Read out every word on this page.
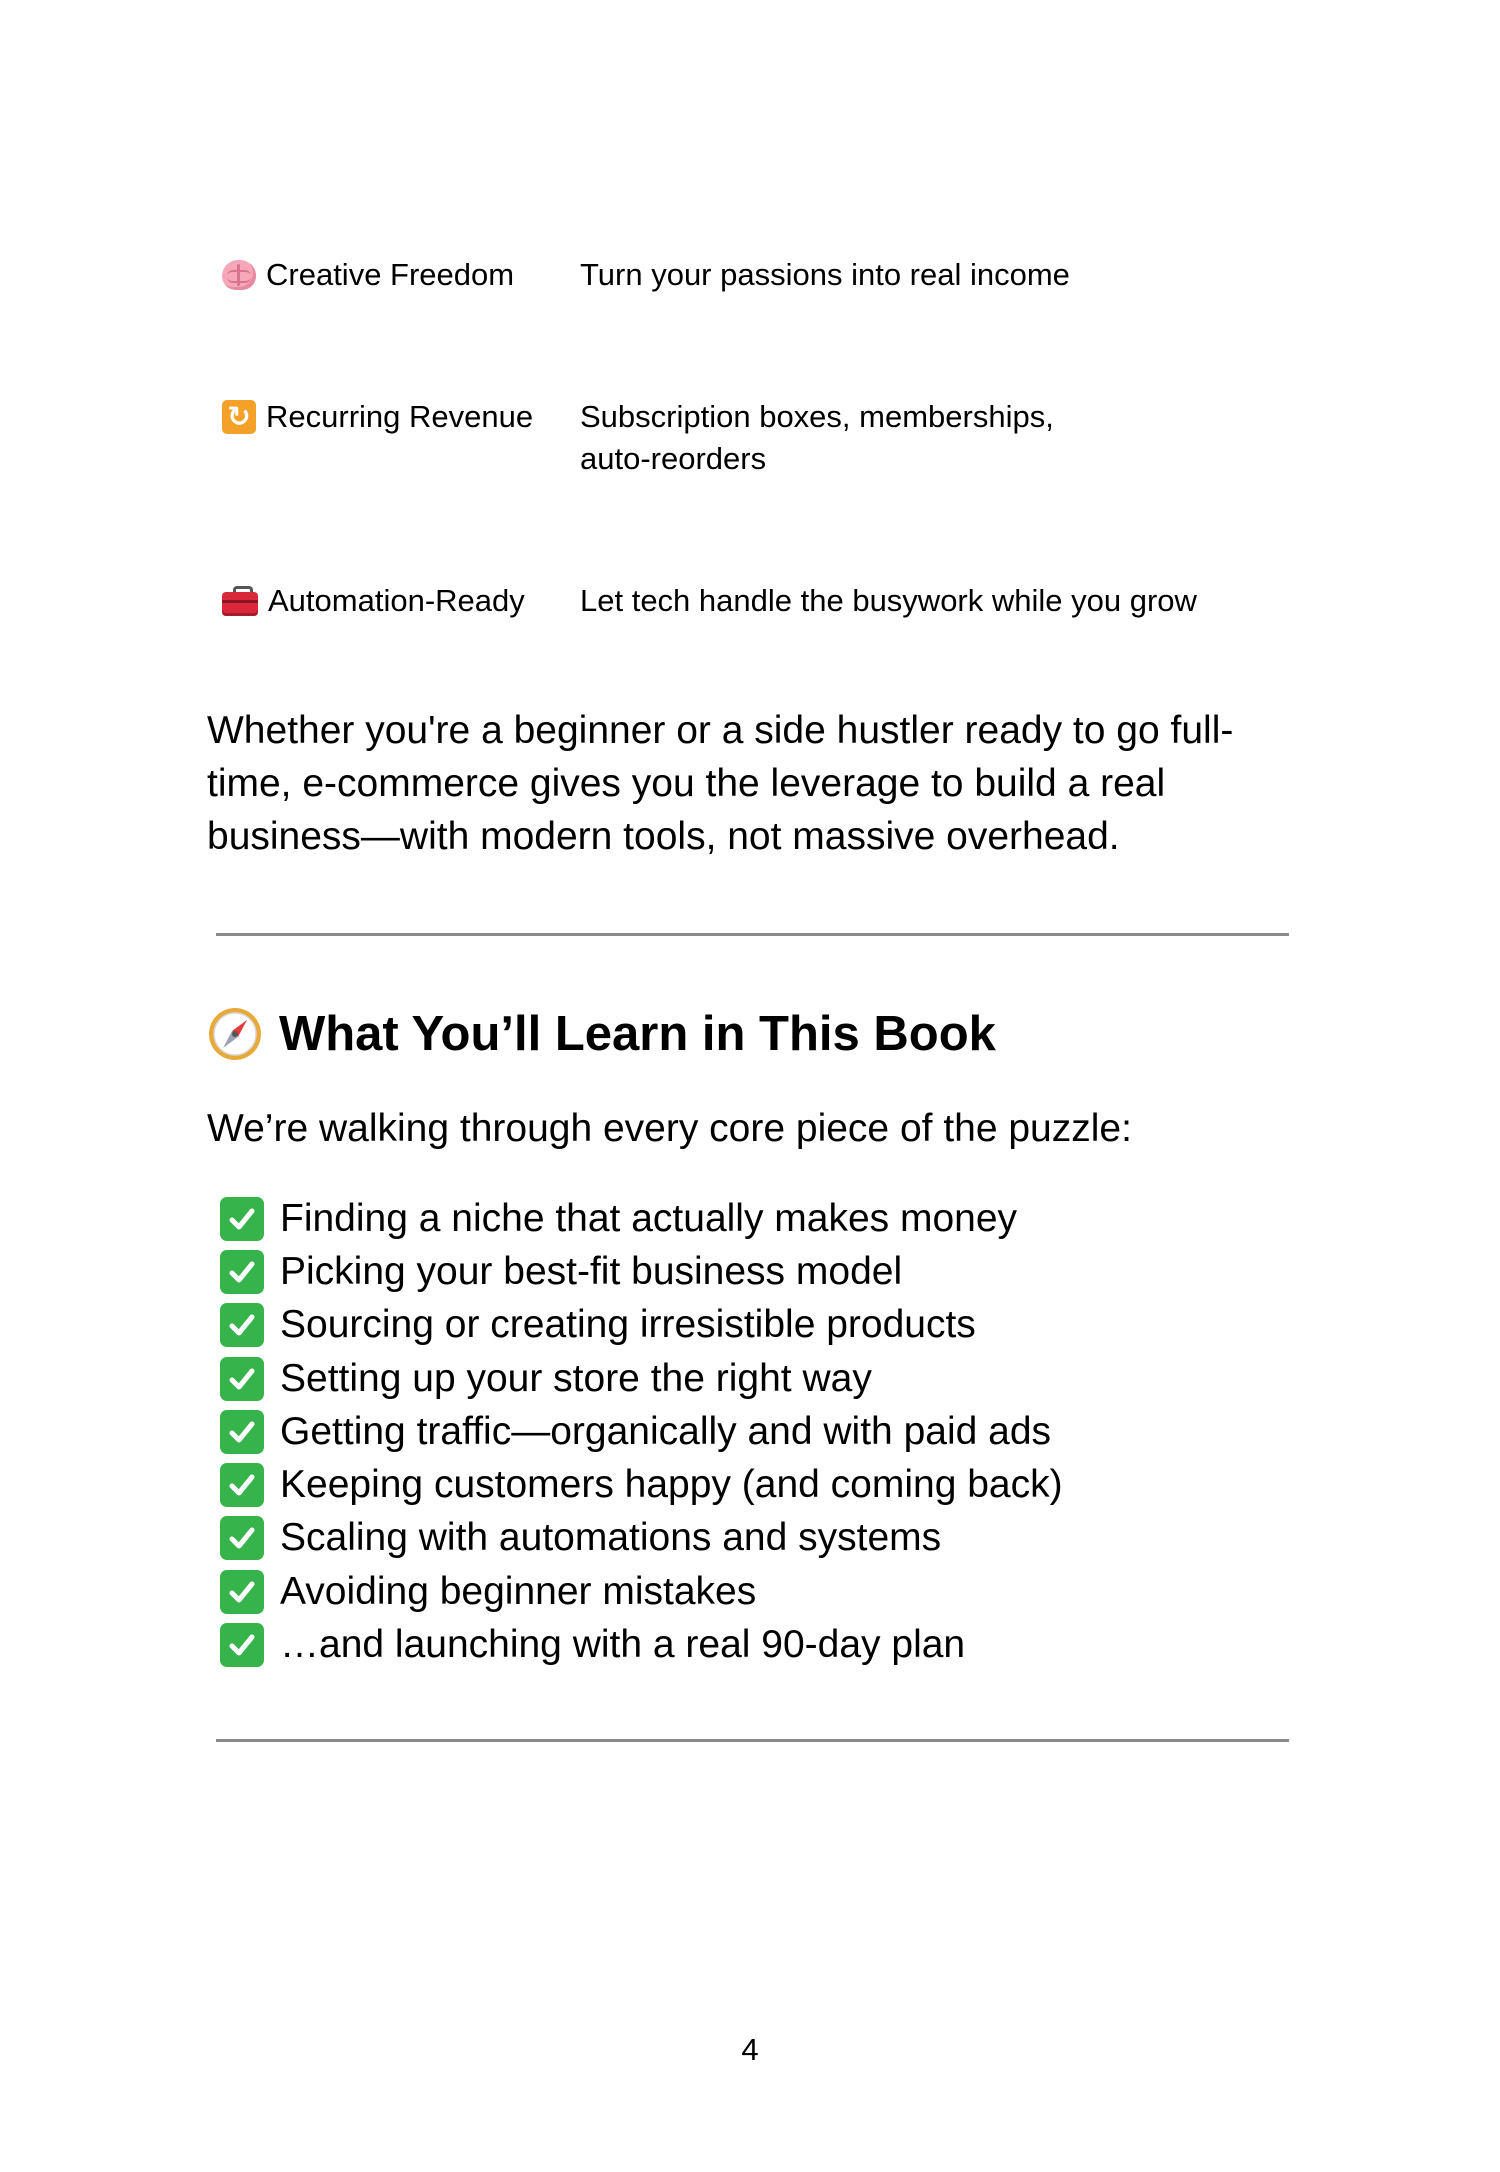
Creative Freedom Turn your passions into real income
↻ Recurring Revenue Subscription boxes, memberships, auto-reorders
Automation-Ready Let tech handle the busywork while you grow
Whether you're a beginner or a side hustler ready to go full-time, e-commerce gives you the leverage to build a real business—with modern tools, not massive overhead.
What You’ll Learn in This Book
We’re walking through every core piece of the puzzle:
Finding a niche that actually makes money
Picking your best-fit business model
Sourcing or creating irresistible products
Setting up your store the right way
Getting traffic—organically and with paid ads
Keeping customers happy (and coming back)
Scaling with automations and systems
Avoiding beginner mistakes
…and launching with a real 90-day plan
4
